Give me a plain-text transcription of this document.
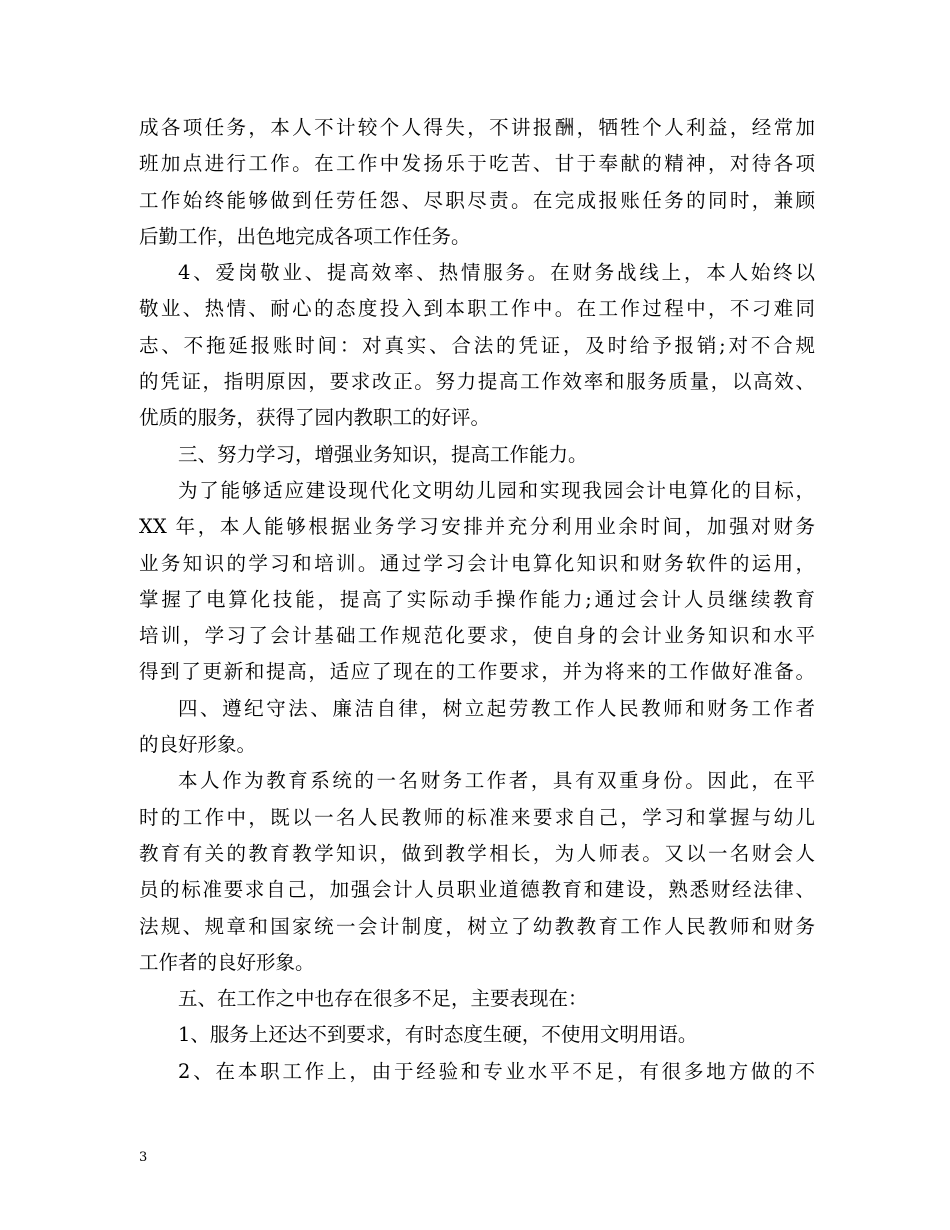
成各项任务，本人不计较个人得失，不讲报酬，牺牲个人利益，经常加
班加点进行工作。在工作中发扬乐于吃苦、甘于奉献的精神，对待各项
工作始终能够做到任劳任怨、尽职尽责。在完成报账任务的同时，兼顾
后勤工作，出色地完成各项工作任务。
4、爱岗敬业、提高效率、热情服务。在财务战线上，本人始终以
敬业、热情、耐心的态度投入到本职工作中。在工作过程中，不刁难同
志、不拖延报账时间：对真实、合法的凭证，及时给予报销;对不合规
的凭证，指明原因，要求改正。努力提高工作效率和服务质量，以高效、
优质的服务，获得了园内教职工的好评。
三、努力学习，增强业务知识，提高工作能力。
为了能够适应建设现代化文明幼儿园和实现我园会计电算化的目标，
XX 年，本人能够根据业务学习安排并充分利用业余时间，加强对财务
业务知识的学习和培训。通过学习会计电算化知识和财务软件的运用，
掌握了电算化技能，提高了实际动手操作能力;通过会计人员继续教育
培训，学习了会计基础工作规范化要求，使自身的会计业务知识和水平
得到了更新和提高，适应了现在的工作要求，并为将来的工作做好准备。
四、遵纪守法、廉洁自律，树立起劳教工作人民教师和财务工作者
的良好形象。
本人作为教育系统的一名财务工作者，具有双重身份。因此，在平
时的工作中，既以一名人民教师的标准来要求自己，学习和掌握与幼儿
教育有关的教育教学知识，做到教学相长，为人师表。又以一名财会人
员的标准要求自己，加强会计人员职业道德教育和建设，熟悉财经法律、
法规、规章和国家统一会计制度，树立了幼教教育工作人民教师和财务
工作者的良好形象。
五、在工作之中也存在很多不足，主要表现在：
1、服务上还达不到要求，有时态度生硬，不使用文明用语。
2、在本职工作上，由于经验和专业水平不足，有很多地方做的不
3
